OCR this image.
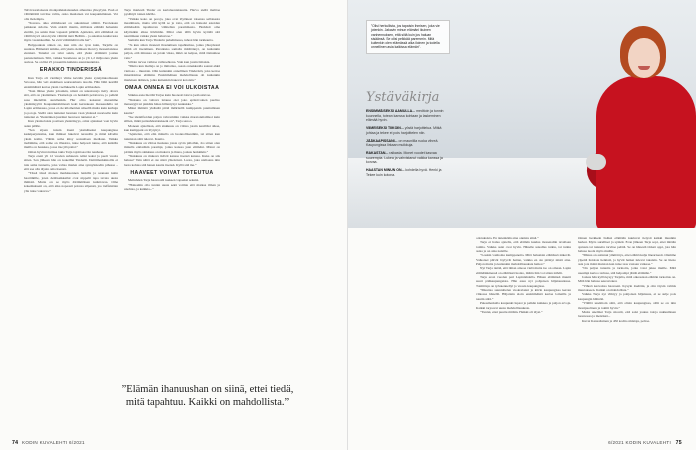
Talvivaaralaisesta monipalkkalaisuuden aiheuttaa yhteytyisi. Essä ei välttämättä tarvitse valita, onko maalaisen vai kaupunkilainen. Voi olla molempia.

”Kotona- aika elämässoni on aukalaisset silmät. Ferolekaan paikkaan sidottu. Vain aidoilt mietin, millaista elämää haluaisin elettää, jos saisin ihan vapaasti päättää. Ajattelen, että elämässä on välillä hyvä ottaa hyvin välittää tietä Helliän – ja askaltaa kuuluvasta myös vastaiskuihin. Se evät välttämättä talle hei”.

Helppouksia siinen on, kun niin ole tyon kuin, Tarjalle on suuntaa. Hämeistä tamma, että yksin olemisen ihoni ty monenlaisissa elenissä. Tunulut on talut sekin, että yksin elämästä joutuu perustelemaan. Silti, vaikka Suomessa on jo yli 1,2 miljoonaa yksin asuvaa. Se on liki 25 prosenttia kaikista asuntokunnista.

ERAKKO TINDERISSÄ

Kun Tarja oli viettänyt viime kevään yksin synnyinkodissaan Savossa, hän veti etukäteen seurustelusta tauolle. Hän lähti kesällä ensimmäistä kertaa yksin vaellukselle Lapin erämaahan.

”Kun lähtee yksin johonkin, niissä on uskalostaja tietty oltava sitä, että on yksinäinen. Yksinolaja on herkkää pelottavaa, jo pelkää saaa mielellän surullenkin. Hur oliro kokenut meremme yksinäisyyttä Kaupunkistimiessä koki kertaakaan maaseudulla tai Lapin erämaassa, jossa ei ole kilometrien säteellä muita kuin karhuja ja poroja. Siellä olen tuntenut luonnan vaan yhdessä nuorteelle kuin tuntenut ei. Yksinäinen juurinut luontoon tuntenut ei.”

Kun yksinoloista positaan yksinäisyys, omat ajatukset vaat hyvin asian päälle.

”Sen sijaan tunsin itseni yksinäiseksi kaupungissa keskiperjantaina, kun ihmiset lukeivat terassilla ja minä kävelin yksin kotiin. Vähän sama kitsy sosiaalisen mediaan. Vaikka tiedämme, että some on illusiota, tulee helposti tunne, että kaikilla muilla on hauskaa, jossa itse jää paitsi.”

Oman hyvinvointinsa takia Tarja tajoittaaa tiin nauhaan.

Tarja ereni yli 12 vuoden suhteesta reilut kaksi ja puoli vuotta sitten. Sen jälkeen hän on kokeillut Tinderiä. Deittimarkkinoilla ei tule sama tunnetta, joka valtaa mielen aina synnyinkodin pihassa – että saa olla täysin oma itsensä.

”Tässä iässä monen merkkuonnen lenkilla ja saanaan kaiin haarttikille, joten deittiseikkailut ovat nippelit tapa tavata uusia ihmisiä. Mutta on se myös äärimmäisen kuluttavaa. Oma kokemukseni on, että aika nopeasti poistaa silpensä, jos treffeistäan ylle tulee vakavaa.”

Tarja mielestä Tinder on kertaluonteisuutta. Harva siellä malttaa pysähtyä toinen kärille.

”Vaikka koko on poroja, joka ovat löytäneet toisensa sellaisesta maailmasta, mutta silti kyllä se ja totta, että on haluaisi asioiden elämässään tapahtuvan vähitellen paremmasta. Herkästi oma käytösikin alkaa häviimän. Mitsi olen tällä hyvin kytttää sitä nauttimaan vaikka yksin haluavaa.”

Samalla kun Tarja Tinderin puhelimessa, tuhosi hän tarkkautta.

”Ja kun sitten monesti ihastumaan tapahtumaa, jonka yhteydessä silmä oli itsenäinen. Parantuko samalla mitätönnyt, on kuitenkin paljon, että minussa on jotain vikaa, mikä on kelpaa, mitä täsinaikaa vain.”

Silloin tarvaa vaihtoa vaihtoehtona. Vain kun jotain ilmaista.

”Mutta kun malleja on jo mittattua, osaan onnekkaalla saanut ehkä viettoaa – muutoin. Olin kuitenkin onnellinen Tinderistä, joka kertoa missäloimaa elämäni. Ensimmäinen mahdollisuus oli kuitenkin mieleisen ikäisten, jotka kuitenkin hakevat kotoisin.”

OMAA ONNEA EI VOI ULKOISTAA

Sinkku-sana hiertää Tarjaa kuin huonosti istuva jaoiloutuvaa.

”Sinkuna on valtava latausa olet joko epätoivoinen puoliso menestyjä tai pinkääs hinaa hillentynyt naukukka.”

Miksi ihmisiä yhdistää pitää määritellä kumppanin puuttumisen kautta?

”Ise identifioidun paljon vahvemmin vaikka maratonmaltikoi kuin sillien, mikä parisuhdestatukseni on”, Tarja sanoo.

Moneen ajatellaan, että sinkkuus on viittaa jotain kesältäsi alkaa, kun kumppani on löytynyt.

”Ajattelen, että elin minulla on luonnollisestikin, tai sitten kun tunnistan siitä tulevat. Kautta.

”Sinkkuus on viittaa ikuisuus joista syvin piiloihin, Jos sitten olen minulla entistäkin parempi, jonka kanssa jaan elämäni. Minut on pirinäs myös sinkkuus on mukava ja ihana, joskus herkkikin.”

”Sinkkuus on mukava ikävät kanssa itsensä kanssa. Kuka on siis haluaa? Vain näitä ei ole siinä yhteisössä. Luota, joka uteliaana niin luota kohtaa sitä hanen kautta itsensä. Kyllä sitä me.”

HAAVEET VOIVAT TOTEUTUA

Meilahden Tarja haaveoidi tueksen vapaaksi sekaisi.

”Haluamin olla tunnin uusia sekä voimia että matkaa ilman ja unohtaa, ja kaikkia...”

”Elämän ihanuushan on siinä, ettei tiedä, mitä tapahtuu. Kaikki on mahdollista.”
74 KODIN KUVALEHTI 6/2021

”Olisi herkullista, jos tapaisin ihmisen, joka vie jotenkin. Jakavin minun elämäni ikuinen vanhennuksen, että siitä kuin jos haluan sisäänsä. Se olisi pelkkää paremmin. Mitä kuitenkin olen elämässä aika iloinen ja todella onnellinen asia kaikissa elämän”.

Ystäväkirja

ENSIMMÄISEKSI AAMULLA... meditoin ja tunnin kuunnella, totean kanssa kohtaan ja laskeminen elämää hyvin.

VIIMEISEKSI TIIKOIN... yöstä harjoittelua. Mitkä johtaa ja tekee ei pois harjoittelen niin.

JÄÄKAAPISSANI... on mauniilla ruoka vihreä. Kaupungissa lirkaan muikkuja.

RAKASTAN... raikasta. Monet vuodet kasvaa suurempia. Lukea ja vahvistanut vaikka kanssa ja korvaa.

HAASTAN MINUN ON... kohdella hyvä. Henki ja Tekee kuin kotona.

odotuksista. En tietenkään aina onnistu siinä.”

Tarja ei halua ajatella, että elämän kuulua monenaliin tavallaan toimia. Vaikka asiat ovat hyvin. Hänelle uskallus tutkia, tai tutkia asiaa ja on aina naisille.

”Loukin vanhoina kumppaneita. Mitä haluaisin elämässä näkevät. Valkoiset päivät löytyvät haitan, vaikka en ole pitänyt niistä aina. Paljon muita ja kuitenkin mahdollisuuksia heikot.”

Nyt Tarja tietää, että ilman ainoaa vielä mutta iso on omaan. Lapin elämäänkinessä on elämässä luonto, mihin hän voi sitten nähdä.

Tarja erosi vuoden pari Lapinlahdella. Hänen elämänsä muutti suuri pääkaupungeista. Hän asuu nyt pohjoisen hiljaisuudessa. Toimittaja on työskennellyt jo vuosia kaupungissa.

”Muuttaa suunnittelen vuokralanni ja kävin kaupungissa kerran viikossa hänellä. Hiljattain aloin ensimmäistä kertaa lomailla ja nautin siitä.”

Pakasmarkalla kaupunki lupasi ja pelkän kaikkea ja paljon arvoja. Kaikki tarjoavat uusia mahdollisuuksia.

”Tuntui, ettei puuttu mitään. Heikki oli täysi.”

Onnen herkkein lisäksi elämään kuuluvat tietysti kaikki muutkin herkut. Myös surulliset ja synkät. Eron jälkeen Tarja sopi, ettei mitään ajatusta tai tunnetta tarvitse pelätä. Se on hänestä tärkeä oppi, jota hän haluaa tuoda myös muille.

”Minua on auttanut ymmärrys, ettei elämä kulje linearisesti. Olemme ylpeitä iloisista hetkistä, ja hyvät hetket tulevat takaisin. Se on hieno asia jota minä muistan kun tulee taas vastaan vaikeaa.”

”On paljon tunteita ja tarinoita, jotka voisi jakaa muille. Mitä useampi kertoo tarinaa, sitä helpompi jäädä elämään.”

Joskus hän kyllä kysyy Tarjalta, mitä oikeastaan elämän tarkoitus on. Mitä hän haluaa seuraavaksi.

”Vihreä kasvattaa haaveeni. Kysyin itseltäni, ja olin täysin valmis muutokseen. Kaikki on mahdollista.”

Vaikka Tarja nyt viihtyy ja pohjoisen hiljaisuus, ei se sulje pois kaupungin hälinää.

”Välillä unelmoin siitä, että olisin kaupungissa, sillä se on niin monipuolinen ja toimii hyvin.”

Mutta unelmat Tarja sitoutti, että saisi joskus taloja nukkumisen luonnossa ja metsässä...

Kuvat Kansaliainen ja 450 kodin omistaja, peltoa.

6/2021 KODIN KUVALEHTI 75
